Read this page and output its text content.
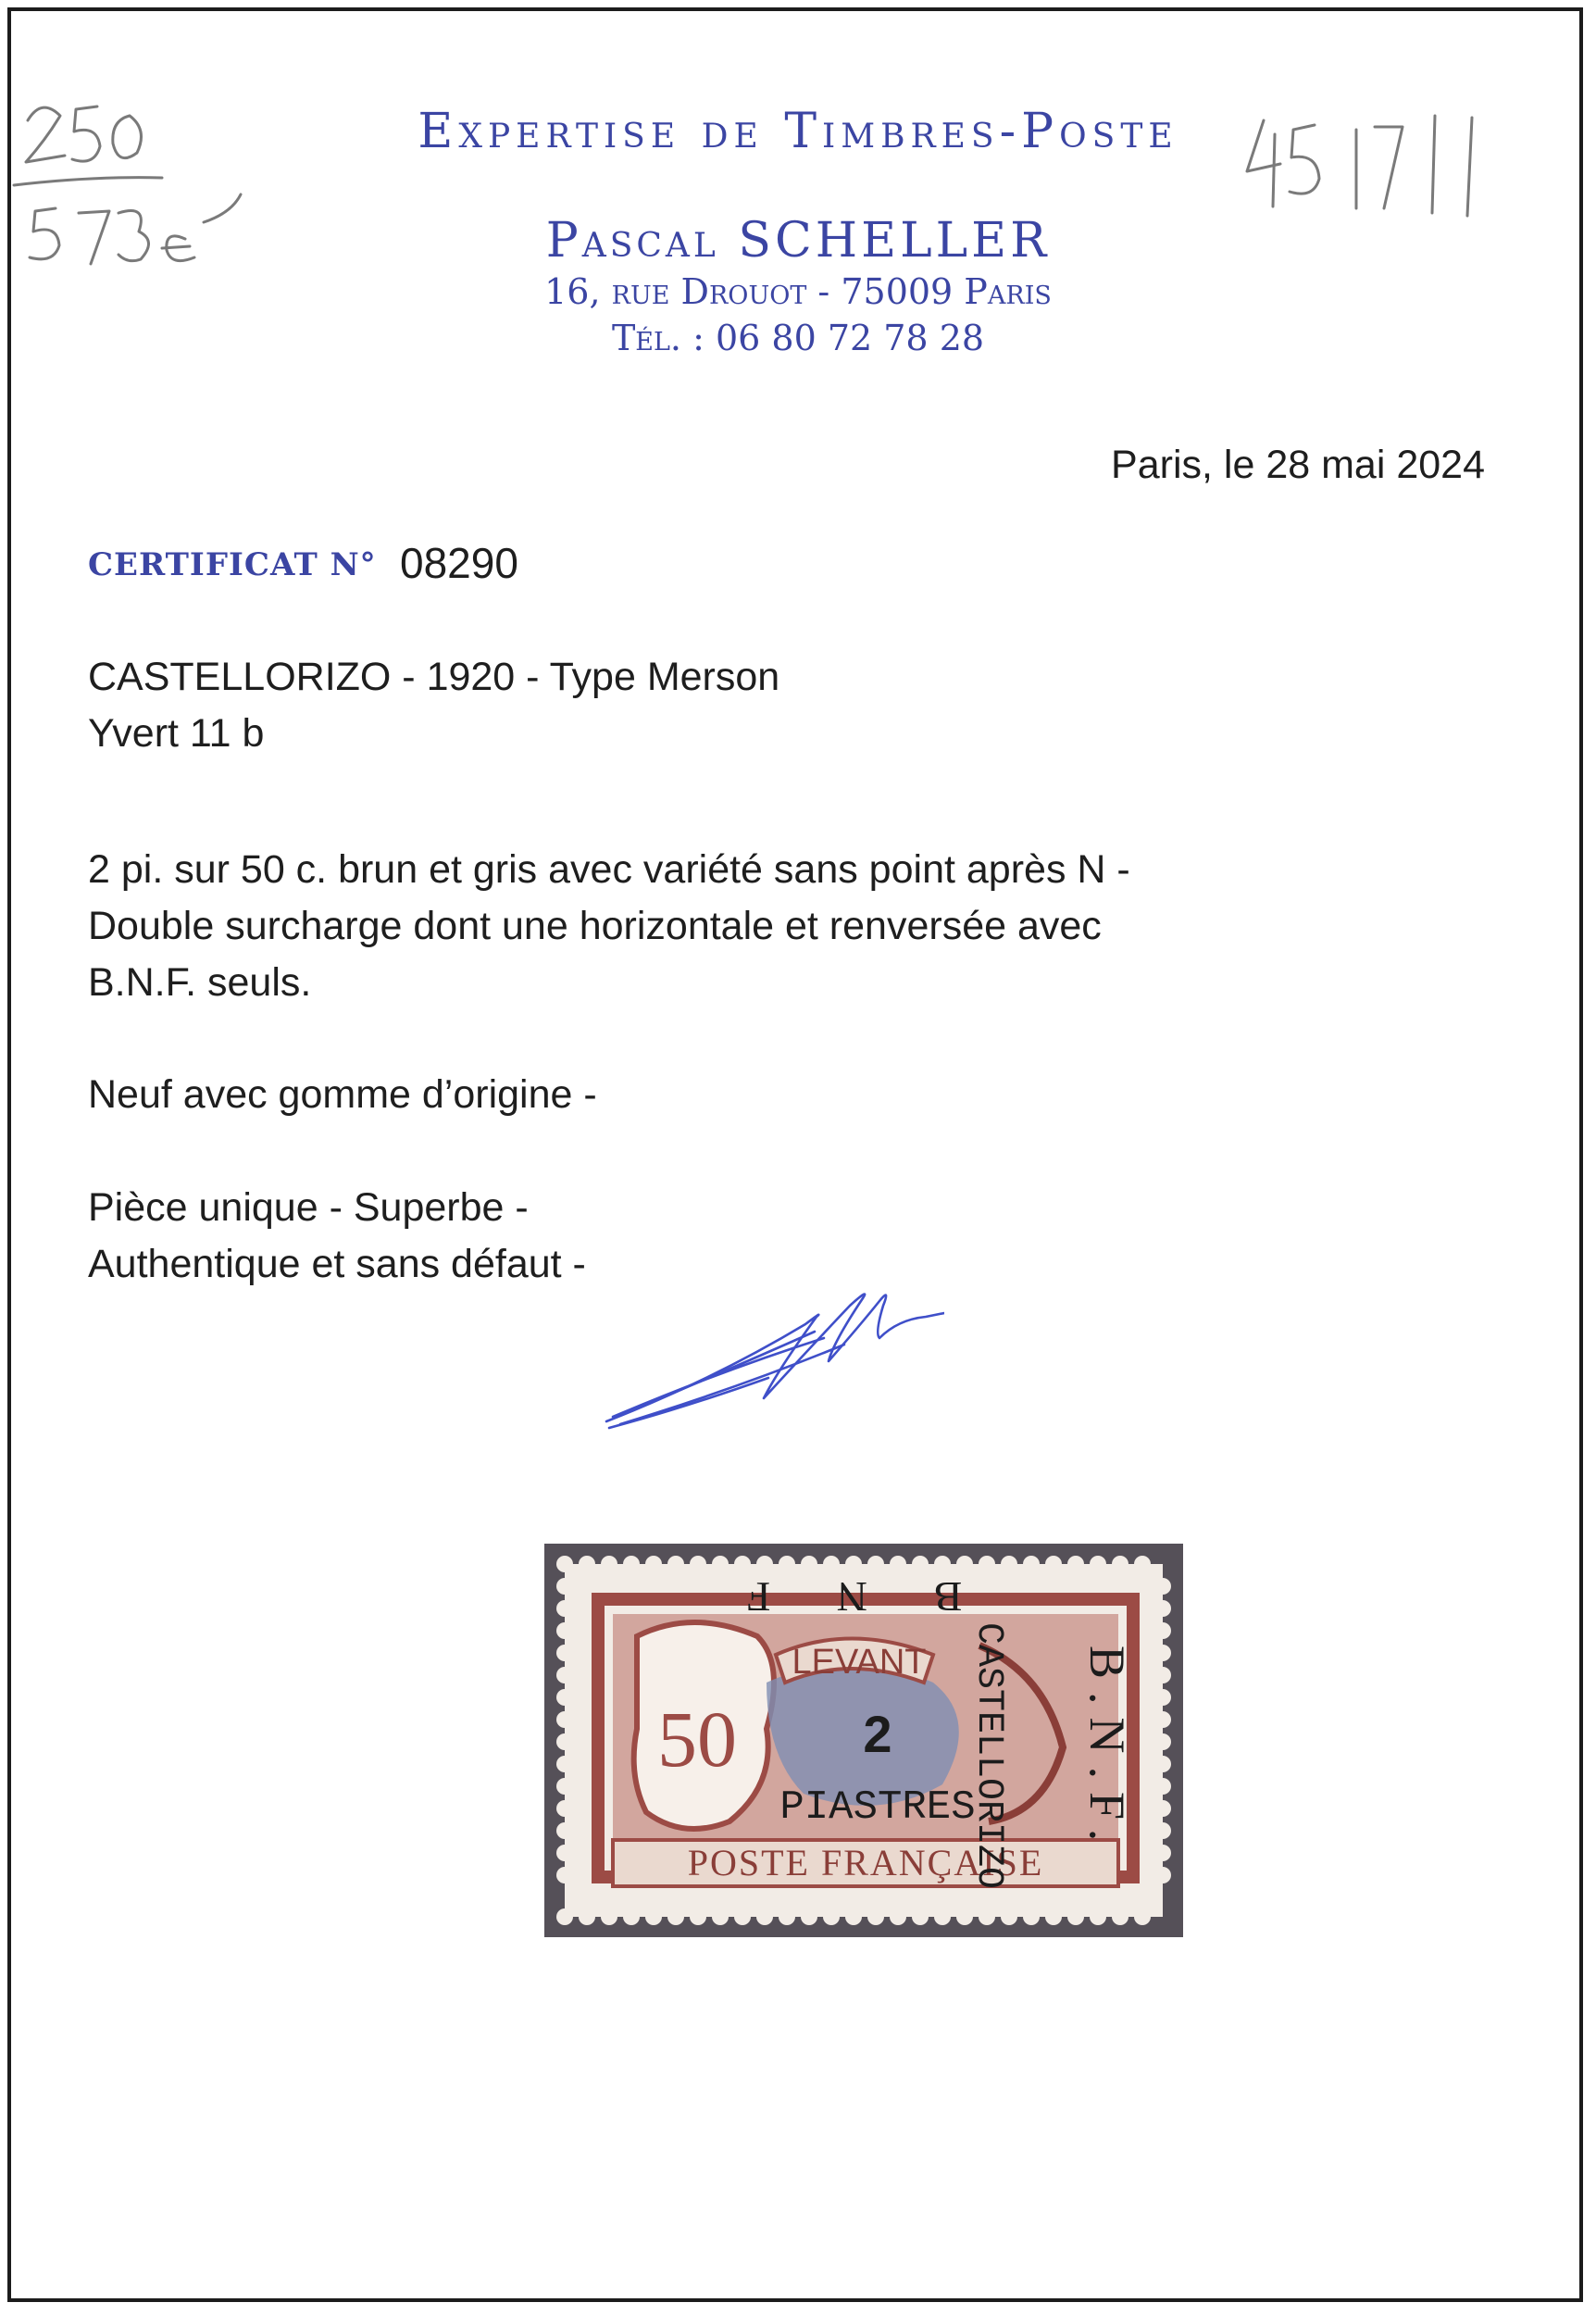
Expertise de Timbres-Poste
Pascal SCHELLER
16, rue Drouot - 75009 Paris
Tél. : 06 80 72 78 28
Paris, le 28 mai 2024
CERTIFICAT N° 08290
CASTELLORIZO - 1920 - Type Merson
Yvert 11 b
2 pi. sur 50 c. brun et gris avec variété sans point après N -
Double surcharge dont une horizontale et renversée avec
B.N.F. seuls.
Neuf avec gomme d’origine -
Pièce unique - Superbe -
Authentique et sans défaut -
50
LEVANT
POSTE FRANÇAISE
2
PIASTRES
CASTELLORIZO B.N.F.
B N F
